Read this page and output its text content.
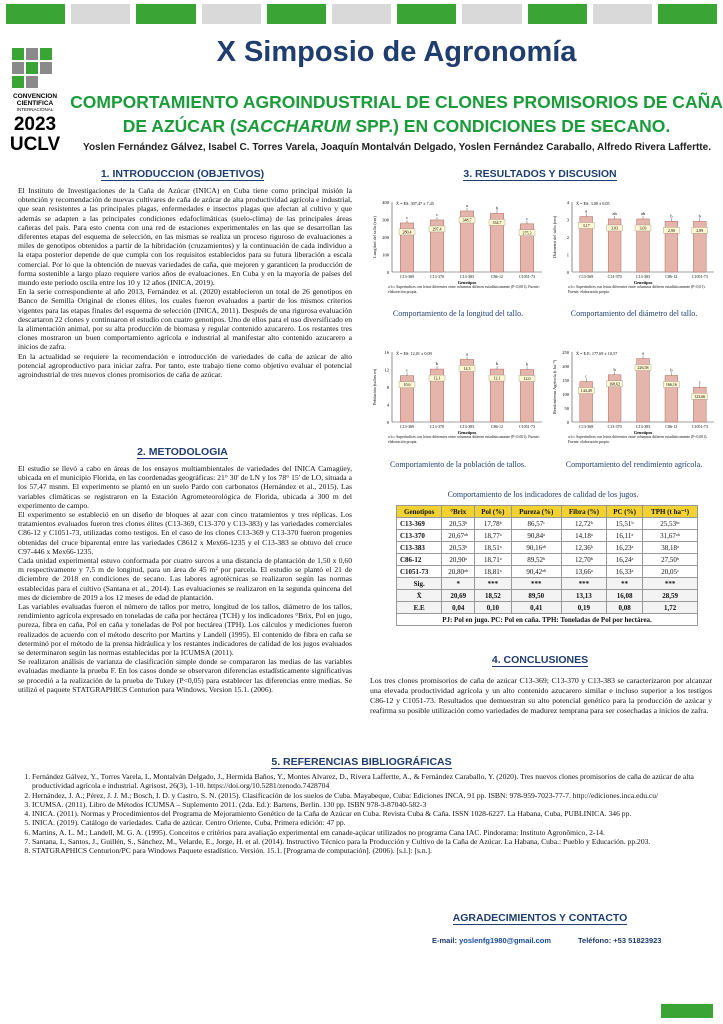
CONVENCION
CIENTIFICA
INTERNACIONAL
2023
UCLV
X Simposio de Agronomía
COMPORTAMIENTO AGROINDUSTRIAL DE CLONES PROMISORIOS DE CAÑA
DE AZÚCAR (SACCHARUM SPP.) EN CONDICIONES DE SECANO.
Yoslen Fernández Gálvez, Isabel C. Torres Varela, Joaquín Montalván Delgado, Yoslen Fernández Caraballo, Alfredo Rivera Laffertte.
1. INTRODUCCION (OBJETIVOS)

El Instituto de Investigaciones de la Caña de Azúcar (INICA) en Cuba tiene como principal misión la obtención y recomendación de nuevas cultivares de caña de azúcar de alta productividad agrícola e industrial, que sean resistentes a las principales plagas, enfermedades e insectos plagas que afectan al cultivo y que además se adapten a las principales condiciones edafoclimáticas (suelo-clima) de las principales áreas cañeras del país. Para esto cuenta con una red de estaciones experimentales en las que se desarrollan las diferentes etapas del esquema de selección, en las mismas se realiza un proceso riguroso de evaluaciones a miles de genotipos obtenidos a partir de la hibridación (cruzamientos) y la continuación de cada individuo a la etapa posterior depende de que cumpla con los requisitos establecidos para su futura liberación a escala comercial. Por lo que la obtención de nuevas variedades de caña, que mejoren y garanticen la producción de forma sostenible a largo plazo requiere varios años de evaluaciones. En Cuba y en la mayoría de países del mundo este periodo oscila entre los 10 y 12 años (INICA, 2019).

En la serie correspondiente al año 2013, Fernández et al. (2020) establecieron un total de 26 genotipos en Banco de Semilla Original de clones élites, los cuales fueron evaluados a partir de los mismos criterios vigentes para las etapas finales del esquema de selección (INICA, 2011). Después de una rigurosa evaluación descartaron 22 clones y continuaron el estudio con cuatro genotipos. Uno de ellos para el uso diversificado en la alimentación animal, por su alta producción de biomasa y regular contenido azucarero. Los restantes tres clones mostraron un buen comportamiento agrícola e industrial al manifestar alto contenido azucarero a inicios de zafra.

En la actualidad se requiere la recomendación e introducción de variedades de caña de azúcar de alto potencial agroproductivo para iniciar zafra. Por tanto, este trabajo tiene como objetivo evaluar el potencial agroindustrial de tres nuevos clones promisorios de caña de azúcar.

2. METODOLOGIA

El estudio se llevó a cabo en áreas de los ensayos multiambientales de variedades del INICA Camagüey, ubicada en el municipio Florida, en las coordenadas geográficas: 21° 30' de LN y los 78° 15' de LO, situada a los 57,47 msnm. El experimento se plantó en un suelo Pardo con carbonatos (Hernández et al., 2015). Las variables climáticas se registraron en la Estación Agrometeorológica de Florida, ubicada a 300 m del experimento de campo.

El experimento se estableció en un diseño de bloques al azar con cinco tratamientos y tres réplicas. Los tratamientos evaluados fueron tres clones élites (C13-369, C13-370 y C13-383) y las variedades comerciales C86-12 y C1051-73, utilizadas como testigos. En el caso de los clones C13-369 y C13-370 fueron progenies obtenidas del cruce biparental entre las variedades C8612 x Mex66-1235 y el C13-383 se obtuvo del cruce C97-446 x Mex66-1235.

Cada unidad experimental estuvo conformada por cuatro surcos a una distancia de plantación de 1,50 x 0,60 m respectivamente y 7,5 m de longitud, para un área de 45 m² por parcela. El estudio se plantó el 21 de diciembre de 2018 en condiciones de secano. Las labores agrotécnicas se realizaron según las normas establecidas para el cultivo (Santana et al., 2014). Las evaluaciones se realizaron en la segunda quincena del mes de diciembre de 2019 a los 12 meses de edad de plantación.

Las variables evaluadas fueron el número de tallos por metro, longitud de los tallos, diámetro de los tallos, rendimiento agrícola expresado en toneladas de caña por hectárea (TCH) y los indicadores °Brix, Pol en jugo, pureza, fibra en caña, Pol en caña y toneladas de Pol por hectárea (TPH). Los cálculos y mediciones fueron realizados de acuerdo con el método descrito por Martins y Landell (1995). El contenido de fibra en caña se determinó por el método de la prensa hidráulica y los restantes indicadores de calidad de los jugos evaluados se determinaron según las normas establecidas por la ICUMSA (2011).

Se realizaron análisis de varianza de clasificación simple donde se compararon las medias de las variables evaluadas mediante la prueba F. En los casos donde se observaron diferencias estadísticamente significativas se procedió a la realización de la prueba de Tukey (P<0,05) para establecer las diferencias entre medias. Se utilizó el paquete STATGRAPHICS Centurion para Windows, Version 15.1. (2006).

3. RESULTADOS Y DISCUSION
0
100
200
300
400
Longitud del tallo (cm)
X̄ = ES: 307,47 ± 7,45
280,4
c
C13-369
297,4
c
C13-370
348,7
a
C13-383
334,7
b
C86-12
275,3
c
C1051-73
Genotipos
a b c Superíndices con letras diferentes entre columnas difieren estadísticamente (P<0,001). Fuente: elaboración propia.
0
1
2
3
4
Diámetro del tallo (cm)
X̄ = ES: 3,00 ± 0,05
3,17
a
C13-369
3,03
ab
C13-370
3,03
ab
C13-383
2,90
b
C86-12
2,89
b
C1051-73
Genotipos
a b c Superíndices con letras diferentes entre columnas difieren estadísticamente (P<0,01). Fuente: elaboración propia.
Comportamiento de la longitud del tallo.	Comportamiento del diámetro del tallo.
0
4
8
12
16
Población (tallos m)
X̄ = ES: 12,01 ± 0,09
10,6
c
C13-369
12,1
b
C13-370
14,3
a
C13-383
12,1
b
C86-12
12,0
b
C1051-73
Genotipos
a b c Superíndices con letras diferentes entre columnas difieren estadísticamente (P<0,001). Fuente: elaboración propia.
0
50
100
150
200
250
Rendimiento Agrícola (t ha⁻¹)
X̄ = E.E: 177,69 ± 10,57
144,49
c
C13-369
168,62
b
C13-370
226,58
a
C13-383
166,16
b
C86-12
123,66
c
C1051-73
Genotipos
a b c Superíndices con letras diferentes entre columnas difieren estadísticamente (P<0,001). Fuente: elaboración propia.
Comportamiento de la población de tallos.	Comportamiento del rendimiento agrícola.
Comportamiento de los indicadores de calidad de los jugos.
Genotipos	°Brix	Pol (%)	Pureza (%)	Fibra (%)	PC (%)	TPH (t ha⁻¹)
C13-369	20,53ᵇ	17,78ᵇ	86,57ᶜ	12,72ᵇ	15,51ᵇ	25,53ᵇᶜ
C13-370	20,67ᵃᵇ	18,77ᵃ	90,84ᵃ	14,18ᵃ	16,11ᵃ	31,67ᵃᵇ
C13-383	20,53ᵇ	18,51ᵃ	90,16ᵃᵇ	12,36ᵇ	16,23ᵃ	38,18ᵃ
C86-12	20,90ᵃ	18,71ᵃ	89,52ᵇ	12,70ᵇ	16,24ᵃ	27,50ᵇ
C1051-73	20,80ᵃᵇ	18,81ᵃ	90,42ᵃᵇ	13,66ᵃ	16,33ᵃ	20,05ᶜ
Sig.	*	***	***	***	**	***
X̄	20,69	18,52	89,50	13,13	16,08	28,59
E.E	0,04	0,10	0,41	0,19	0,08	1,72
PJ: Pol en jugo. PC: Pol en caña. TPH: Toneladas de Pol por hectárea.						
4. CONCLUSIONES
Los tres clones promisorios de caña de azúcar C13-369; C13-370 y C13-383 se caracterizaron por alcanzar una elevada productividad agrícola y un alto contenido azucarero similar e incluso superior a los testigos C86-12 y C1051-73. Resultados que demuestran su alto potencial genético para la producción de azúcar y reafirma su posible utilización como variedades de madurez temprana para ser cosechadas a inicios de zafra.
5. REFERENCIAS BIBLIOGRÁFICAS
1. Fernández Gálvez, Y., Torres Varela, I., Montalván Delgado, J., Hermida Baños, Y., Montes Alvarez, D., Rivera Laffertte, A., & Fernández Caraballo, Y. (2020). Tres nuevos clones promisorios de caña de azúcar de alta productividad agrícola e industrial. Agrisost, 26(3), 1-10. https://doi.org/10.5281/zenodo.7428704
2. Hernández, J. A.; Pérez, J. J. M.; Bosch, I. D. y Castro, S. N. (2015). Clasificación de los suelos de Cuba. Mayabeque, Cuba: Ediciones INCA, 91 pp. ISBN: 978-959-7023-77-7. http://ediciones.inca.edu.cu/
3. ICUMSA. (2011). Libro de Métodos ICUMSA – Suplemento 2011. (2da. Ed.): Bartens, Berlin. 130 pp. ISBN 978-3-87040-582-3
4. INICA. (2011). Normas y Procedimientos del Programa de Mejoramiento Genético de la Caña de Azúcar en Cuba. Revista Cuba & Caña. ISSN 1028-6227. La Habana, Cuba, PUBLINICA. 346 pp.
5. INICA. (2019). Catálogo de variedades. Caña de azúcar. Centro Oriente, Cuba. Primera edición: 47 pp.
6. Martins, A. L. M.; Landell, M. G. A. (1995). Conceitos e critérios para avaliação experimental em canade-açúcar utilizados no programa Cana IAC. Pindorama: Instituto Agronômico, 2-14.
7. Santana, I., Santos, J., Guillén, S., Sánchez, M., Velarde, E., Jorge, H. et al. (2014). Instructivo Técnico para la Producción y Cultivo de la Caña de Azúcar. La Habana, Cuba.: Pueblo y Educación. pp.203.
8. STATGRAPHICS Centurion/PC para Windows Paquete estadístico. Versión. 15.1. [Programa de computación]. (2006). [s.l.]: [s.n.].
AGRADECIMIENTOS Y CONTACTO
E-mail: yoslenfg1980@gmail.com	Teléfono: +53 51823923
